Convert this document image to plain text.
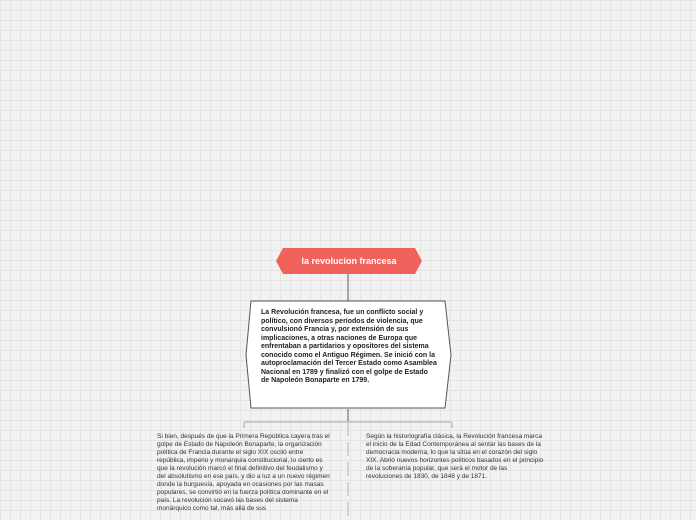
la revolucion francesa
La Revolución francesa, fue un conflicto social y político, con diversos períodos de violencia, que convulsionó Francia y, por extensión de sus implicaciones, a otras naciones de Europa que enfrentaban a partidarios y opositores del sistema conocido como el Antiguo Régimen. Se inició con la autoproclamación del Tercer Estado como Asamblea Nacional en 1789 y finalizó con el golpe de Estado de Napoleón Bonaparte en 1799.
Si bien, después de que la Primera República cayera tras el golpe de Estado de Napoleón Bonaparte, la organización política de Francia durante el siglo XIX osciló entre república, imperio y monarquía constitucional, lo cierto es que la revolución marcó el final definitivo del feudalismo y del absolutismo en ese país, y dio a luz a un nuevo régimen donde la burguesía, apoyada en ocasiones por las masas populares, se convirtió en la fuerza política dominante en el país. La revolución socavó las bases del sistema monárquico como tal, más allá de sus
Según la historiografía clásica, la Revolución francesa marca el inicio de la Edad Contemporánea al sentar las bases de la democracia moderna, lo que la sitúa en el corazón del siglo XIX. Abrió nuevos horizontes políticos basados en el principio de la soberanía popular, que será el motor de las revoluciones de 1830, de 1848 y de 1871.
